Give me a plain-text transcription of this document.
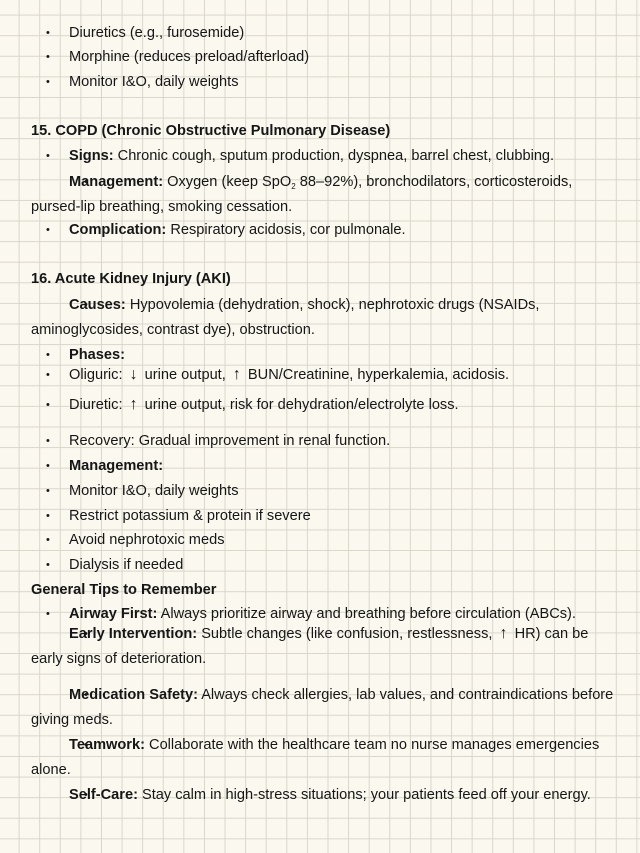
• Diuretics (e.g., furosemide)
• Morphine (reduces preload/afterload)
• Monitor I&O, daily weights
15. COPD (Chronic Obstructive Pulmonary Disease)
• Signs: Chronic cough, sputum production, dyspnea, barrel chest, clubbing.
• Management: Oxygen (keep SpO$_2$ 88–92%), bronchodilators, corticosteroids, pursed-lip breathing, smoking cessation.
• Complication: Respiratory acidosis, cor pulmonale.
16. Acute Kidney Injury (AKI)
• Causes: Hypovolemia (dehydration, shock), nephrotoxic drugs (NSAIDs, aminoglycosides, contrast dye), obstruction.
• Phases:
• Oliguric: ↓ urine output, ↑ BUN/Creatinine, hyperkalemia, acidosis.
• Diuretic: ↑ urine output, risk for dehydration/electrolyte loss.
• Recovery: Gradual improvement in renal function.
• Management:
• Monitor I&O, daily weights
• Restrict potassium & protein if severe
• Avoid nephrotoxic meds
• Dialysis if needed
General Tips to Remember
• Airway First: Always prioritize airway and breathing before circulation (ABCs).
• Early Intervention: Subtle changes (like confusion, restlessness, ↑ HR) can be early signs of deterioration.
• Medication Safety: Always check allergies, lab values, and contraindications before giving meds.
• Teamwork: Collaborate with the healthcare team no nurse manages emergencies alone.
• Self-Care: Stay calm in high-stress situations; your patients feed off your energy.
